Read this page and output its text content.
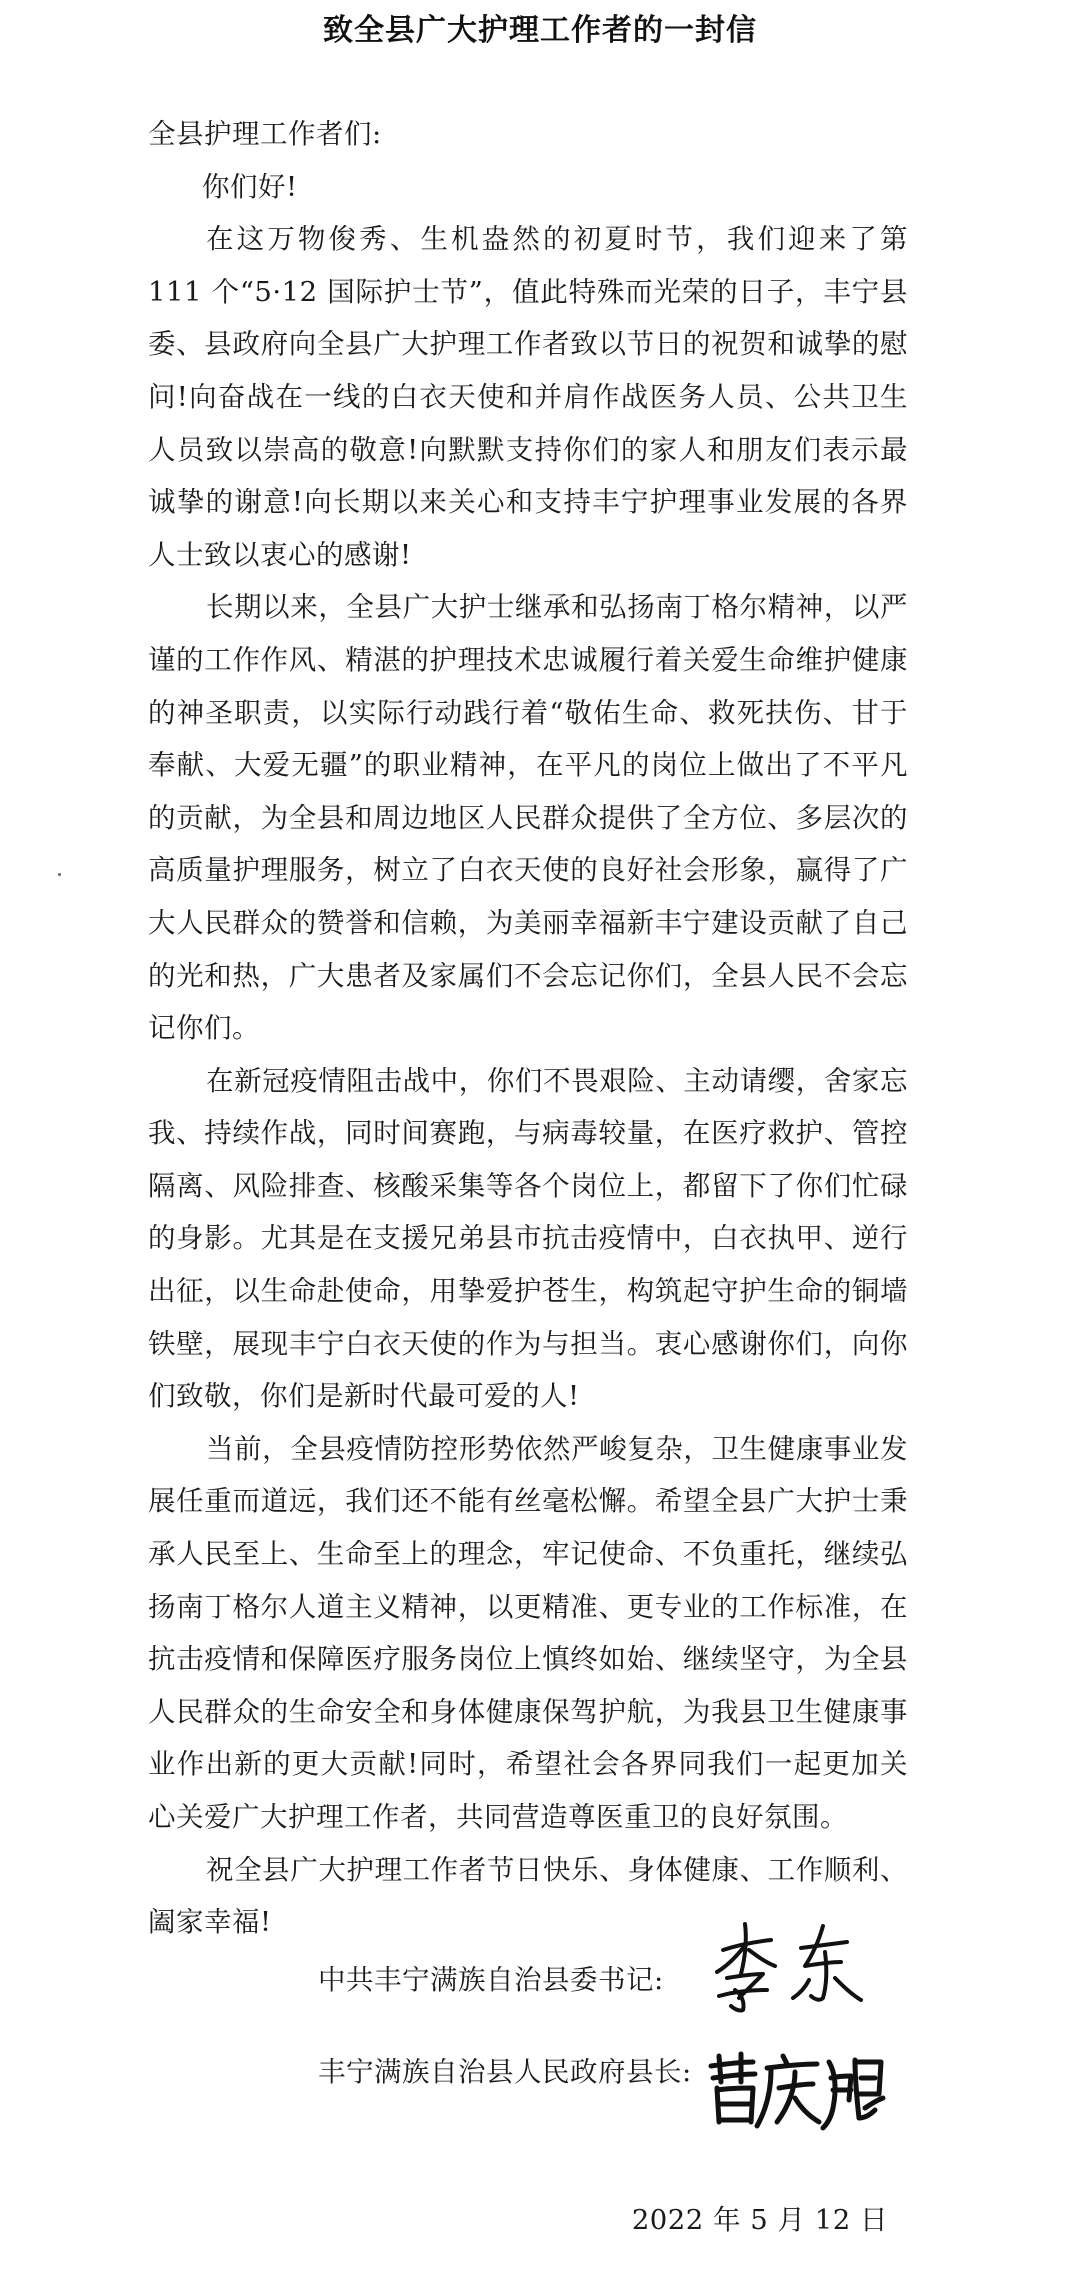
致全县广大护理工作者的一封信

全县护理工作者们:

你们好!

在这万物俊秀、生机盎然的初夏时节，我们迎来了第 111 个“5·12 国际护士节”，值此特殊而光荣的日子，丰宁县委、县政府向全县广大护理工作者致以节日的祝贺和诚挚的慰问!向奋战在一线的白衣天使和并肩作战医务人员、公共卫生人员致以崇高的敬意!向默默支持你们的家人和朋友们表示最诚挚的谢意!向长期以来关心和支持丰宁护理事业发展的各界人士致以衷心的感谢!

长期以来，全县广大护士继承和弘扬南丁格尔精神，以严谨的工作作风、精湛的护理技术忠诚履行着关爱生命维护健康的神圣职责，以实际行动践行着“敬佑生命、救死扶伤、甘于奉献、大爱无疆”的职业精神，在平凡的岗位上做出了不平凡的贡献，为全县和周边地区人民群众提供了全方位、多层次的高质量护理服务，树立了白衣天使的良好社会形象，赢得了广大人民群众的赞誉和信赖，为美丽幸福新丰宁建设贡献了自己的光和热，广大患者及家属们不会忘记你们，全县人民不会忘记你们。

在新冠疫情阻击战中，你们不畏艰险、主动请缨，舍家忘我、持续作战，同时间赛跑，与病毒较量，在医疗救护、管控隔离、风险排查、核酸采集等各个岗位上，都留下了你们忙碌的身影。尤其是在支援兄弟县市抗击疫情中，白衣执甲、逆行出征，以生命赴使命，用挚爱护苍生，构筑起守护生命的铜墙铁壁，展现丰宁白衣天使的作为与担当。衷心感谢你们，向你们致敬，你们是新时代最可爱的人!

当前，全县疫情防控形势依然严峻复杂，卫生健康事业发展任重而道远，我们还不能有丝毫松懈。希望全县广大护士秉承人民至上、生命至上的理念，牢记使命、不负重托，继续弘扬南丁格尔人道主义精神，以更精准、更专业的工作标准，在抗击疫情和保障医疗服务岗位上慎终如始、继续坚守，为全县人民群众的生命安全和身体健康保驾护航，为我县卫生健康事业作出新的更大贡献!同时，希望社会各界同我们一起更加关心关爱广大护理工作者，共同营造尊医重卫的良好氛围。

祝全县广大护理工作者节日快乐、身体健康、工作顺利、阖家幸福!

中共丰宁满族自治县委书记:
丰宁满族自治县人民政府县长:
2022 年 5 月 12 日
